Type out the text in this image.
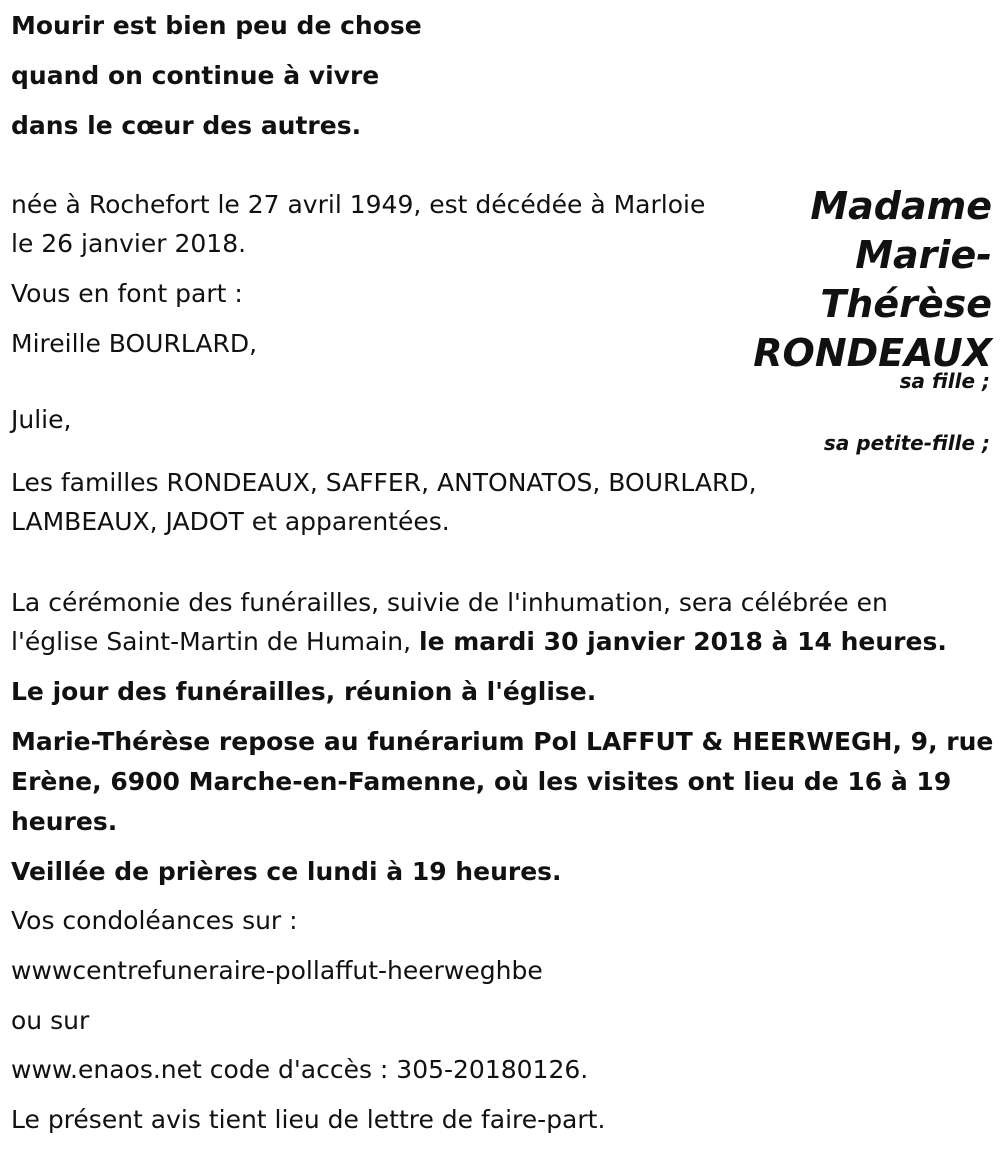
Mourir est bien peu de chose
quand on continue à vivre
dans le cœur des autres.
Madame
Marie-
Thérèse
RONDEAUX
née à Rochefort le 27 avril 1949, est décédée à Marloie
le 26 janvier 2018.
Vous en font part :
Mireille BOURLARD,
sa fille ;
Julie,
sa petite-fille ;
Les familles RONDEAUX, SAFFER, ANTONATOS, BOURLARD,
LAMBEAUX, JADOT et apparentées.
La cérémonie des funérailles, suivie de l'inhumation, sera célébrée en
l'église Saint-Martin de Humain, le mardi 30 janvier 2018 à 14 heures.
Le jour des funérailles, réunion à l'église.
Marie-Thérèse repose au funérarium Pol LAFFUT & HEERWEGH, 9, rue
Erène, 6900 Marche-en-Famenne, où les visites ont lieu de 16 à 19
heures.
Veillée de prières ce lundi à 19 heures.
Vos condoléances sur :
wwwcentrefuneraire-pollaffut-heerweghbe
ou sur
www.enaos.net code d'accès : 305-20180126.
Le présent avis tient lieu de lettre de faire-part.
